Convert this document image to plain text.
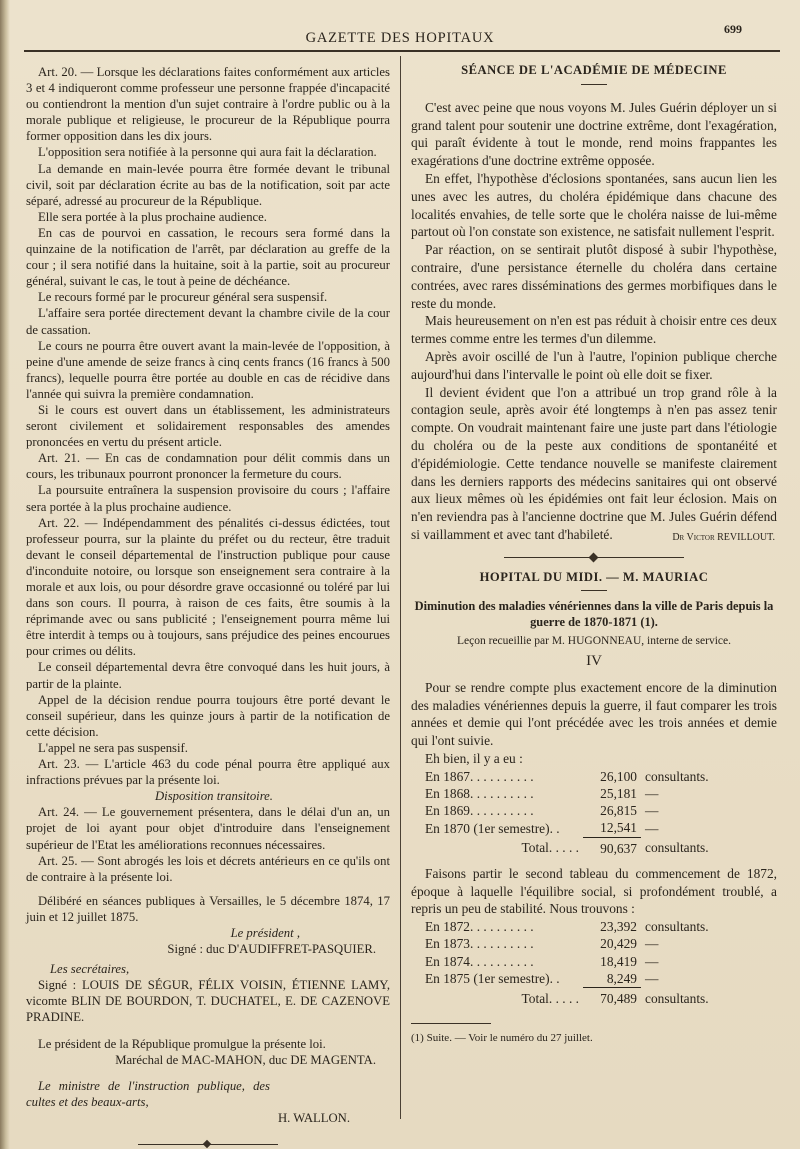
GAZETTE DES HOPITAUX
699

Art. 20. — Lorsque les déclarations faites conformément aux articles 3 et 4 indiqueront comme professeur une personne frappée d'incapacité ou contiendront la mention d'un sujet contraire à l'ordre public ou à la morale publique et religieuse, le procureur de la République pourra former opposition dans les dix jours.

L'opposition sera notifiée à la personne qui aura fait la déclaration.

La demande en main-levée pourra être formée devant le tribunal civil, soit par déclaration écrite au bas de la notification, soit par acte séparé, adressé au procureur de la République.

Elle sera portée à la plus prochaine audience.

En cas de pourvoi en cassation, le recours sera formé dans la quinzaine de la notification de l'arrêt, par déclaration au greffe de la cour ; il sera notifié dans la huitaine, soit à la partie, soit au procureur général, suivant le cas, le tout à peine de déchéance.

Le recours formé par le procureur général sera suspensif.

L'affaire sera portée directement devant la chambre civile de la cour de cassation.

Le cours ne pourra être ouvert avant la main-levée de l'opposition, à peine d'une amende de seize francs à cinq cents francs (16 francs à 500 francs), lequelle pourra être portée au double en cas de récidive dans l'année qui suivra la première condamnation.

Si le cours est ouvert dans un établissement, les administrateurs seront civilement et solidairement responsables des amendes prononcées en vertu du présent article.

Art. 21. — En cas de condamnation pour délit commis dans un cours, les tribunaux pourront prononcer la fermeture du cours.

La poursuite entraînera la suspension provisoire du cours ; l'affaire sera portée à la plus prochaine audience.

Art. 22. — Indépendamment des pénalités ci-dessus édictées, tout professeur pourra, sur la plainte du préfet ou du recteur, être traduit devant le conseil départemental de l'instruction publique pour cause d'inconduite notoire, ou lorsque son enseignement sera contraire à la morale et aux lois, ou pour désordre grave occasionné ou toléré par lui dans son cours. Il pourra, à raison de ces faits, être soumis à la réprimande avec ou sans publicité ; l'enseignement pourra même lui être interdit à temps ou à toujours, sans préjudice des peines encourues pour crimes ou délits.

Le conseil départemental devra être convoqué dans les huit jours, à partir de la plainte.

Appel de la décision rendue pourra toujours être porté devant le conseil supérieur, dans les quinze jours à partir de la notification de cette décision.

L'appel ne sera pas suspensif.

Art. 23. — L'article 463 du code pénal pourra être appliqué aux infractions prévues par la présente loi.

Disposition transitoire.

Art. 24. — Le gouvernement présentera, dans le délai d'un an, un projet de loi ayant pour objet d'introduire dans l'enseignement supérieur de l'Etat les améliorations reconnues nécessaires.

Art. 25. — Sont abrogés les lois et décrets antérieurs en ce qu'ils ont de contraire à la présente loi.

Délibéré en séances publiques à Versailles, le 5 décembre 1874, 17 juin et 12 juillet 1875.

Le président ,

Signé : duc D'AUDIFFRET-PASQUIER.

Les secrétaires,

Signé : LOUIS DE SÉGUR, FÉLIX VOISIN, ÉTIENNE LAMY, vicomte BLIN DE BOURDON, T. DUCHATEL, E. DE CAZENOVE PRADINE.

Le président de la République promulgue la présente loi.

Maréchal de MAC-MAHON, duc DE MAGENTA.

Le ministre de l'instruction publique, des cultes et des beaux-arts,

H. WALLON.

SÉANCE DE L'ACADÉMIE DE MÉDECINE

C'est avec peine que nous voyons M. Jules Guérin déployer un si grand talent pour soutenir une doctrine extrême, dont l'exagération, qui paraît évidente à tout le monde, rend moins frappantes les exagérations d'une doctrine extrême opposée.

En effet, l'hypothèse d'éclosions spontanées, sans aucun lien les unes avec les autres, du choléra épidémique dans chacune des localités envahies, de telle sorte que le choléra naisse de lui-même partout où l'on constate son existence, ne satisfait nullement l'esprit.

Par réaction, on se sentirait plutôt disposé à subir l'hypothèse, contraire, d'une persistance éternelle du choléra dans certaine contrées, avec rares disséminations des germes morbifiques dans le reste du monde.

Mais heureusement on n'en est pas réduit à choisir entre ces deux termes comme entre les termes d'un dilemme.

Après avoir oscillé de l'un à l'autre, l'opinion publique cherche aujourd'hui dans l'intervalle le point où elle doit se fixer.

Il devient évident que l'on a attribué un trop grand rôle à la contagion seule, après avoir été longtemps à n'en pas assez tenir compte. On voudrait maintenant faire une juste part dans l'étiologie du choléra ou de la peste aux conditions de spontanéité et d'épidémiologie. Cette tendance nouvelle se manifeste clairement dans les derniers rapports des médecins sanitaires qui ont observé aux lieux mêmes où les épidémies ont fait leur éclosion. Mais on n'en reviendra pas à l'ancienne doctrine que M. Jules Guérin défend si vaillamment et avec tant d'habileté.	Dr Victor REVILLOUT.
HOPITAL DU MIDI. — M. MAURIAC
Diminution des maladies vénériennes dans la ville de Paris depuis la guerre de 1870-1871 (1).
Leçon recueillie par M. HUGONNEAU, interne de service.
IV

Pour se rendre compte plus exactement encore de la diminution des maladies vénériennes depuis la guerre, il faut comparer les trois années et demie qui l'ont précédée avec les trois années et demie qui l'ont suivie.

Eh bien, il y a eu :

En 1867. . . . . . . . . .	26,100	consultants.
En 1868. . . . . . . . . .	25,181	—
En 1869. . . . . . . . . .	26,815	—
En 1870 (1er semestre). .	12,541	—
Total. . . . .	90,637	consultants.

Faisons partir le second tableau du commencement de 1872, époque à laquelle l'équilibre social, si profondément troublé, a repris un peu de stabilité. Nous trouvons :

En 1872. . . . . . . . . .	23,392	consultants.
En 1873. . . . . . . . . .	20,429	—
En 1874. . . . . . . . . .	18,419	—
En 1875 (1er semestre). .	8,249	—
Total. . . . .	70,489	consultants.
(1) Suite. — Voir le numéro du 27 juillet.
